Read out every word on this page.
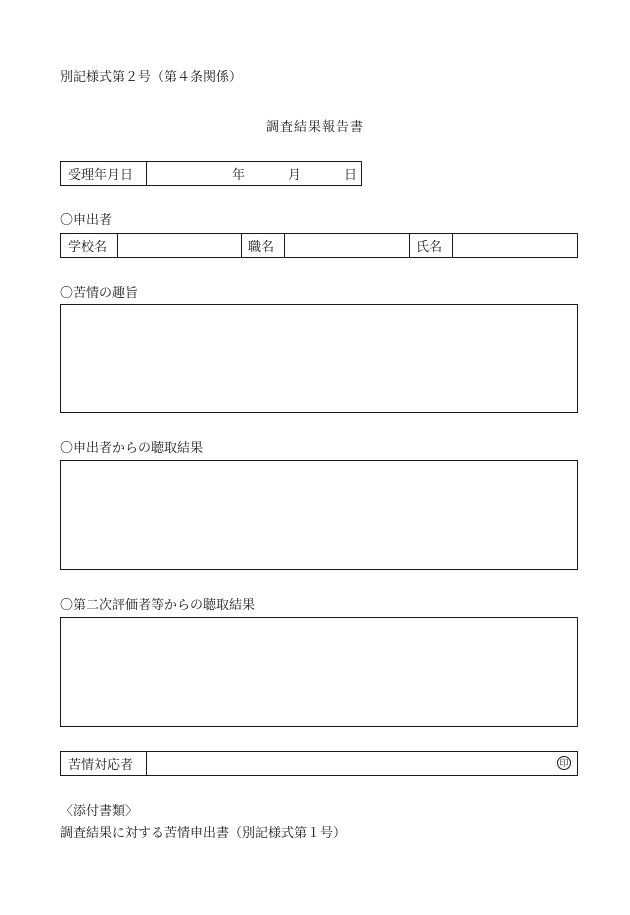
別記様式第２号（第４条関係）
調査結果報告書
受理年月日	年	月	日
〇申出者
学校名	職名	氏名
〇苦情の趣旨
〇申出者からの聴取結果
〇第二次評価者等からの聴取結果
苦情対応者	印
〈添付書類〉
調査結果に対する苦情申出書（別記様式第１号）
